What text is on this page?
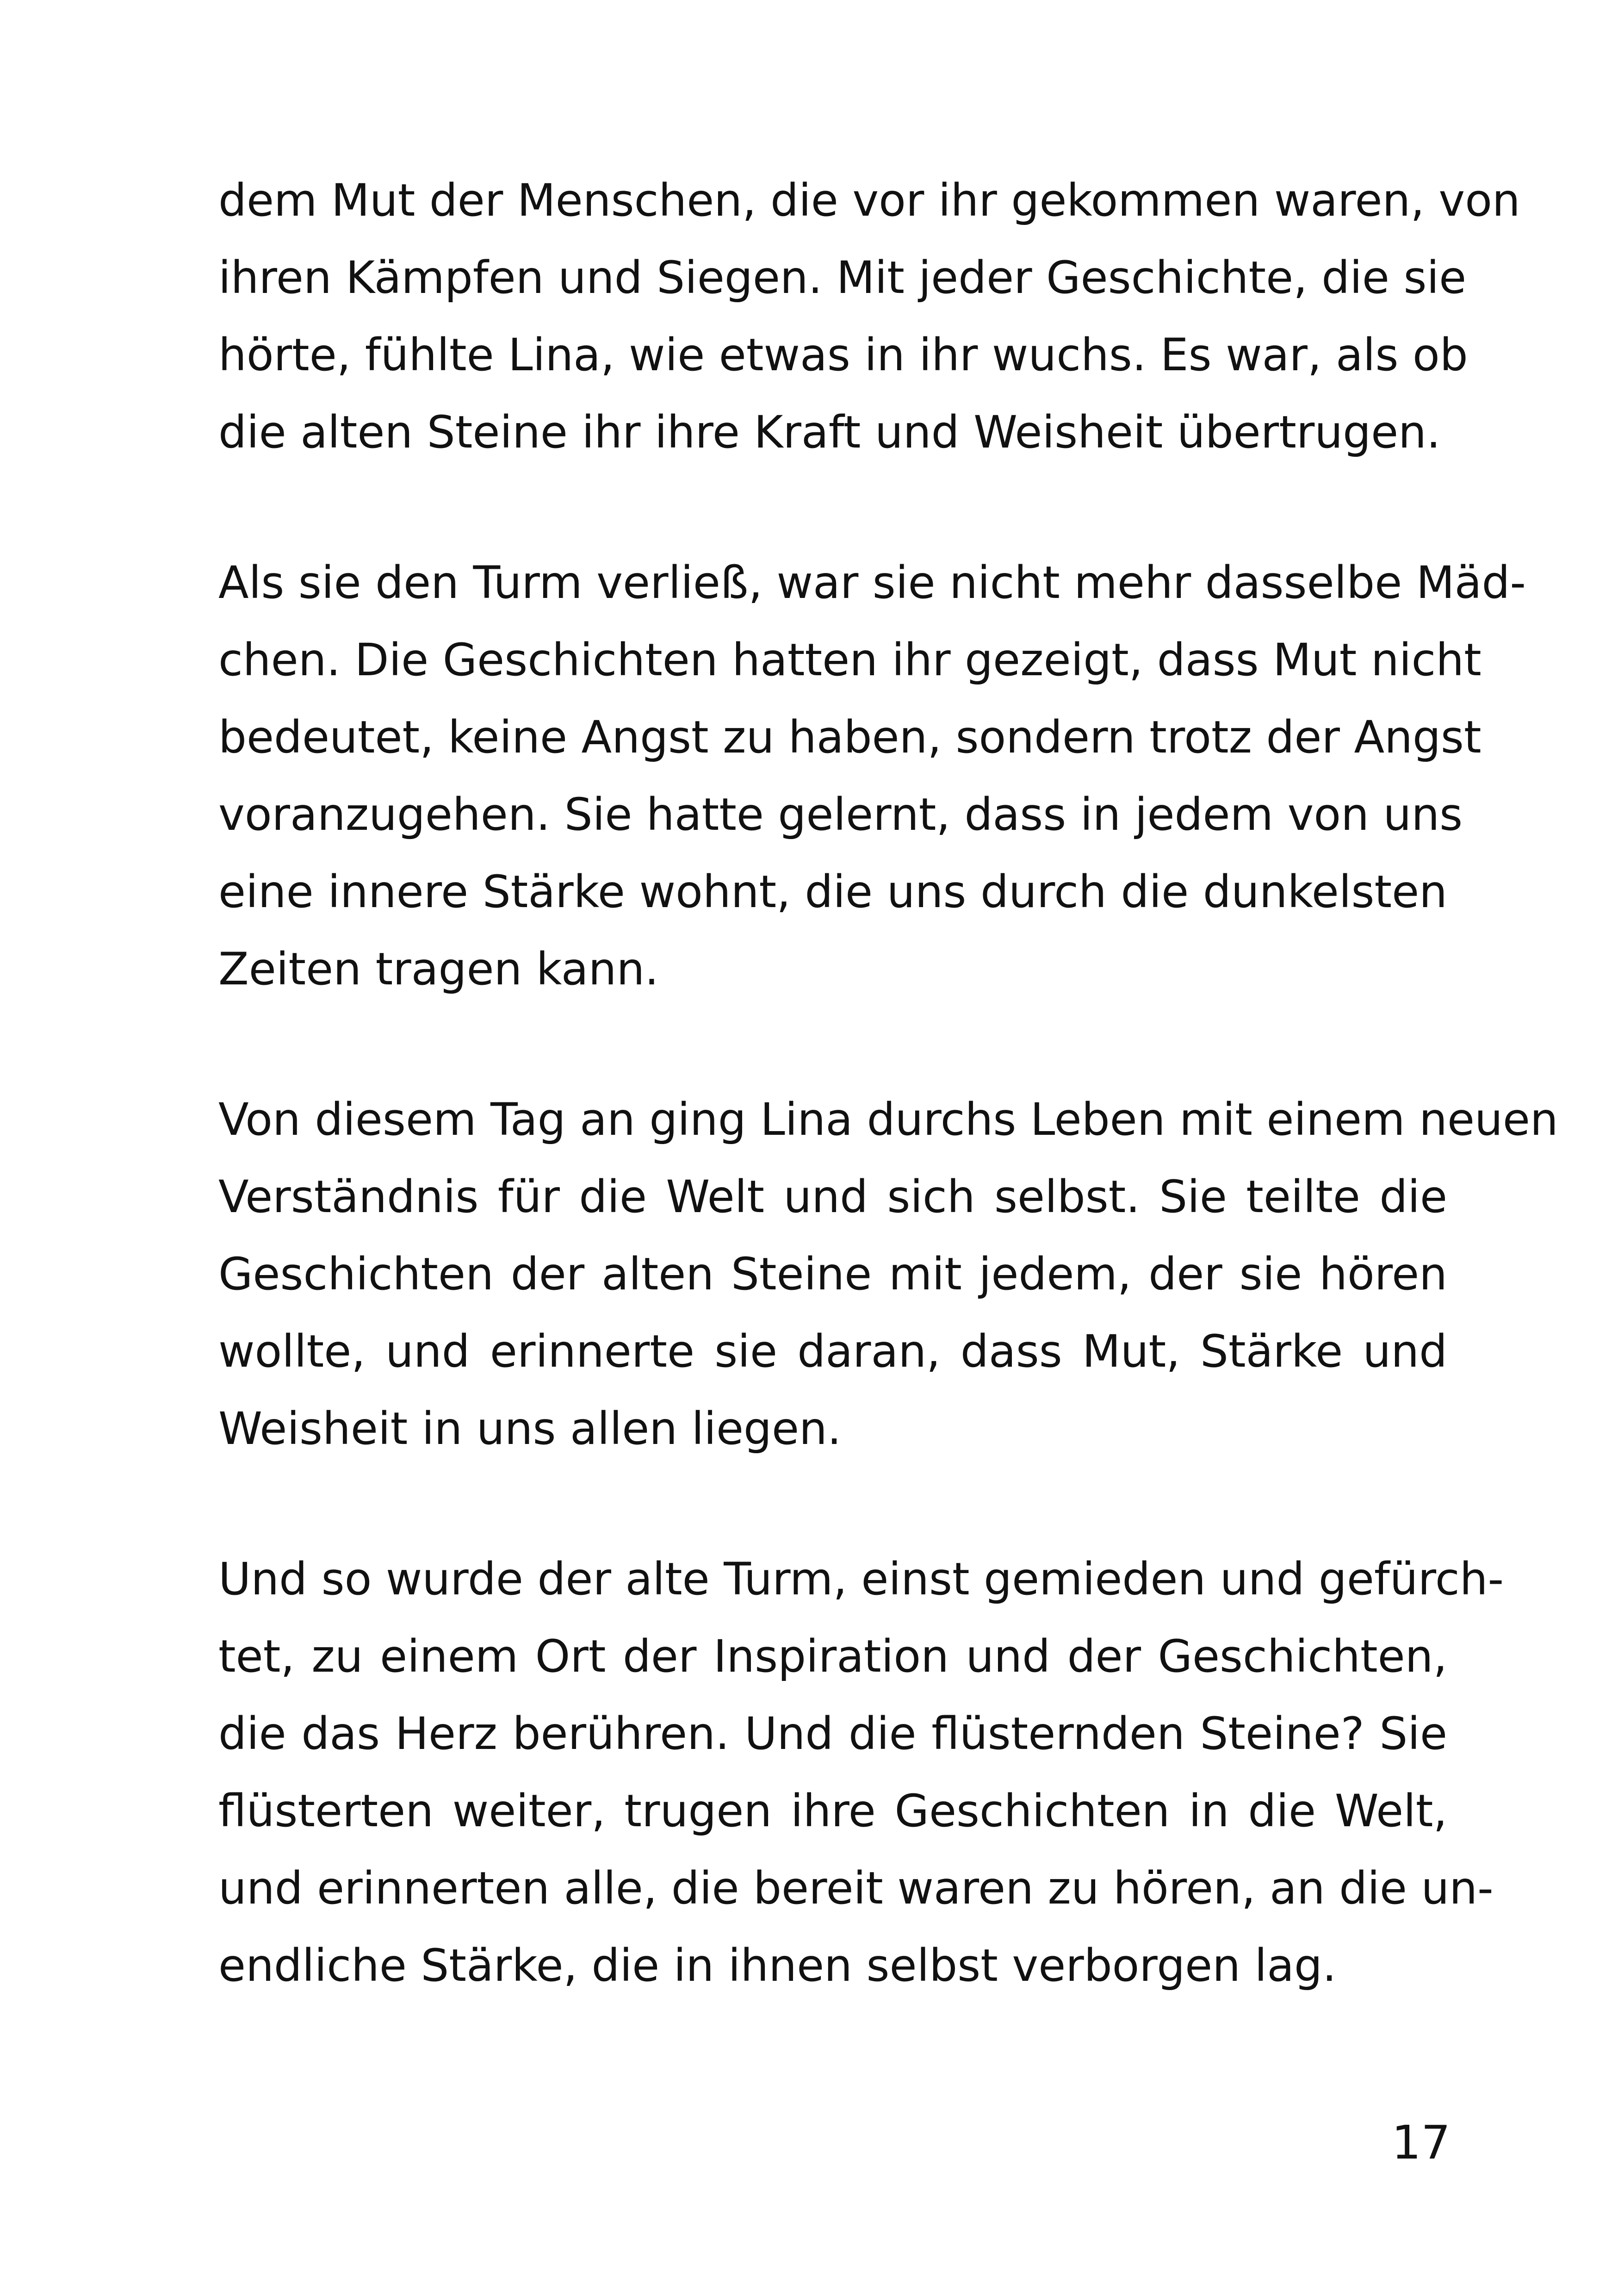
dem Mut der Menschen, die vor ihr gekommen waren, von
ihren Kämpfen und Siegen. Mit jeder Geschichte, die sie
hörte, fühlte Lina, wie etwas in ihr wuchs. Es war, als ob
die alten Steine ihr ihre Kraft und Weisheit übertrugen.

Als sie den Turm verließ, war sie nicht mehr dasselbe Mäd-
chen. Die Geschichten hatten ihr gezeigt, dass Mut nicht
bedeutet, keine Angst zu haben, sondern trotz der Angst
voranzugehen. Sie hatte gelernt, dass in jedem von uns
eine innere Stärke wohnt, die uns durch die dunkelsten
Zeiten tragen kann.

Von diesem Tag an ging Lina durchs Leben mit einem neuen
Verständnis für die Welt und sich selbst. Sie teilte die
Geschichten der alten Steine mit jedem, der sie hören
wollte, und erinnerte sie daran, dass Mut, Stärke und
Weisheit in uns allen liegen.

Und so wurde der alte Turm, einst gemieden und gefürch-
tet, zu einem Ort der Inspiration und der Geschichten,
die das Herz berühren. Und die flüsternden Steine? Sie
flüsterten weiter, trugen ihre Geschichten in die Welt,
und erinnerten alle, die bereit waren zu hören, an die un-
endliche Stärke, die in ihnen selbst verborgen lag.

17
